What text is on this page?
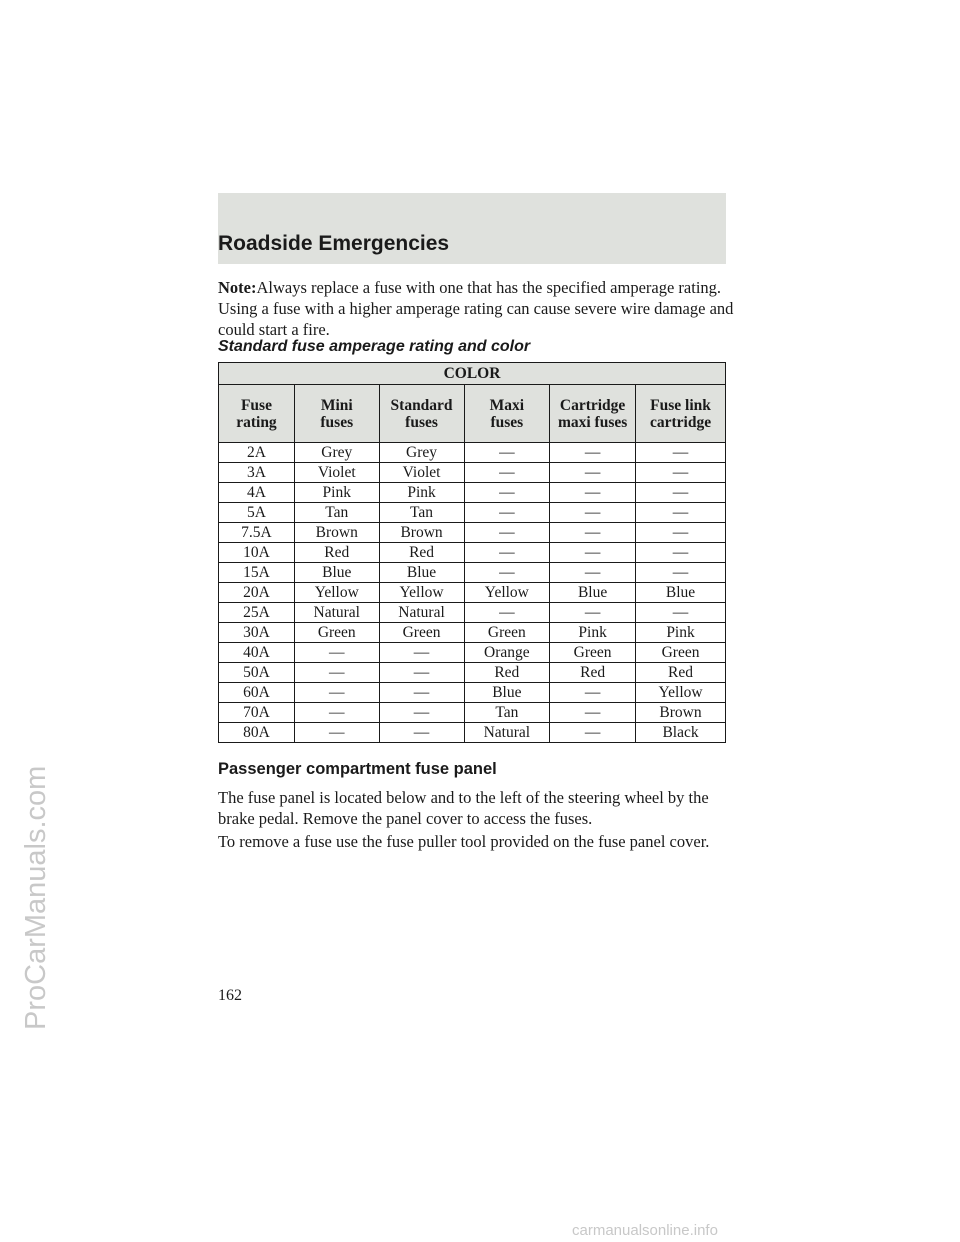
Roadside Emergencies
Note:Always replace a fuse with one that has the specified amperage rating. Using a fuse with a higher amperage rating can cause severe wire damage and could start a fire.
Standard fuse amperage rating and color
COLOR					

Fuse rating	Mini fuses	Standard fuses	Maxi fuses	Cartridge maxi fuses	Fuse link cartridge

2A	Grey	Grey	—	—	—
3A	Violet	Violet	—	—	—
4A	Pink	Pink	—	—	—
5A	Tan	Tan	—	—	—
7.5A	Brown	Brown	—	—	—
10A	Red	Red	—	—	—
15A	Blue	Blue	—	—	—
20A	Yellow	Yellow	Yellow	Blue	Blue
25A	Natural	Natural	—	—	—
30A	Green	Green	Green	Pink	Pink
40A	—	—	Orange	Green	Green
50A	—	—	Red	Red	Red
60A	—	—	Blue	—	Yellow
70A	—	—	Tan	—	Brown
80A	—	—	Natural	—	Black
Passenger compartment fuse panel
The fuse panel is located below and to the left of the steering wheel by the brake pedal. Remove the panel cover to access the fuses.
To remove a fuse use the fuse puller tool provided on the fuse panel cover.
162
ProCarManuals.com
carmanualsonline.info
